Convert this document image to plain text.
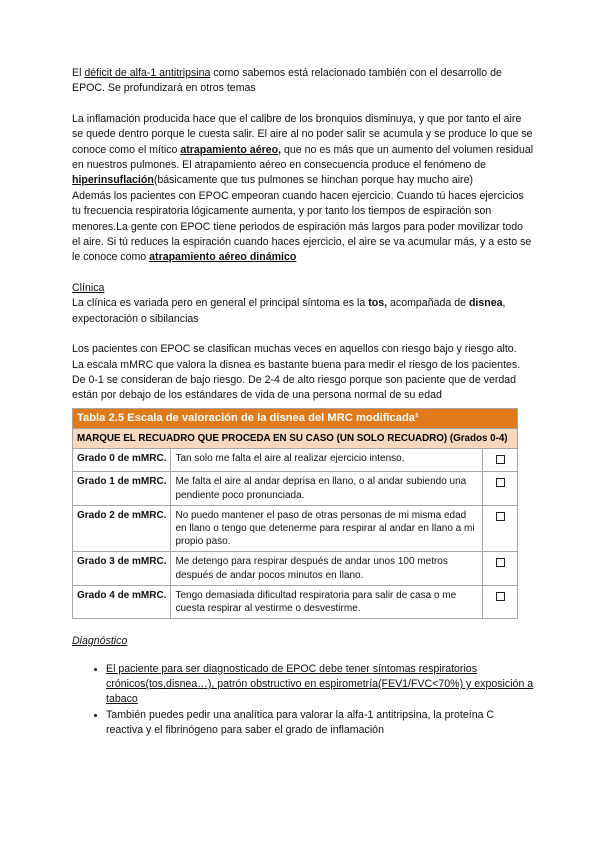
El déficit de alfa-1 antitripsina como sabemos está relacionado también con el desarrollo de EPOC. Se profundizará en otros temas

La inflamación producida hace que el calibre de los bronquios disminuya, y que por tanto el aire se quede dentro porque le cuesta salir. El aire al no poder salir se acumula y se produce lo que se conoce como el mítico atrapamiento aéreo, que no es más que un aumento del volumen residual en nuestros pulmones. El atrapamiento aéreo en consecuencia produce el fenómeno de hiperinsuflación(básicamente que tus pulmones se hinchan porque hay mucho aire)

Además los pacientes con EPOC empeoran cuando hacen ejercicio. Cuando tú haces ejercicios tu frecuencia respiratoria lógicamente aumenta, y por tanto los tiempos de espiración son menores.La gente con EPOC tiene periodos de espiración más largos para poder movilizar todo el aire. Si tú reduces la espiración cuando haces ejercicio, el aire se va acumular más, y a esto se le conoce como atrapamiento aéreo dinámico

Clínica

La clínica es variada pero en general el principal síntoma es la tos, acompañada de disnea, expectoración o sibilancias

Los pacientes con EPOC se clasifican muchas veces en aquellos con riesgo bajo y riesgo alto.

La escala mMRC que valora la disnea es bastante buena para medir el riesgo de los pacientes.

De 0-1 se consideran de bajo riesgo. De 2-4 de alto riesgo porque son paciente que de verdad están por debajo de los estándares de vida de una persona normal de su edad

Tabla 2.5 Escala de valoración de la disnea del MRC modificada¹		
MARQUE EL RECUADRO QUE PROCEDA EN SU CASO (UN SOLO RECUADRO) (Grados 0-4)		
Grado 0 de mMRC.	Tan solo me falta el aire al realizar ejercicio intenso.	
Grado 1 de mMRC.	Me falta el aire al andar deprisa en llano, o al andar subiendo una pendiente poco pronunciada.	
Grado 2 de mMRC.	No puedo mantener el paso de otras personas de mi misma edad en llano o tengo que detenerme para respirar al andar en llano a mi propio paso.	
Grado 3 de mMRC.	Me detengo para respirar después de andar unos 100 metros después de andar pocos minutos en llano.	
Grado 4 de mMRC.	Tengo demasiada dificultad respiratoria para salir de casa o me cuesta respirar al vestirme o desvestirme.	

Diagnóstico

• El paciente para ser diagnosticado de EPOC debe tener síntomas respiratorios crónicos(tos,disnea…), patrón obstructivo en espirometría(FEV1/FVC<70%) y exposición a tabaco
• También puedes pedir una analítica para valorar la alfa-1 antitripsina, la proteína C reactiva y el fibrinógeno para saber el grado de inflamación
